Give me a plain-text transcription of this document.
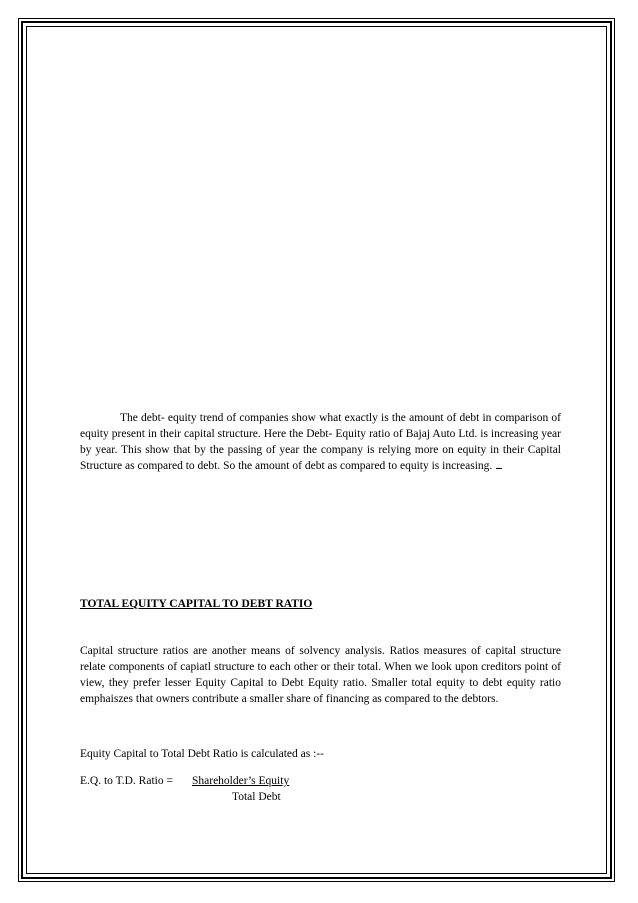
The debt- equity trend of companies show what exactly is the amount of debt in comparison of equity present in their capital structure. Here the Debt- Equity ratio of Bajaj Auto Ltd. is increasing year by year. This show that by the passing of year the company is relying more on equity in their Capital Structure as compared to debt. So the amount of debt as compared to equity is increasing.

TOTAL EQUITY CAPITAL TO DEBT RATIO

Capital structure ratios are another means of solvency analysis. Ratios measures of capital structure relate components of capiatl structure to each other or their total. When we look upon creditors point of view, they prefer lesser Equity Capital to Debt Equity ratio. Smaller total equity to debt equity ratio emphaiszes that owners contribute a smaller share of financing as compared to the debtors.

Equity Capital to Total Debt Ratio is calculated as :--

E.Q. to T.D. Ratio = Shareholder’s Equity
Total Debt
